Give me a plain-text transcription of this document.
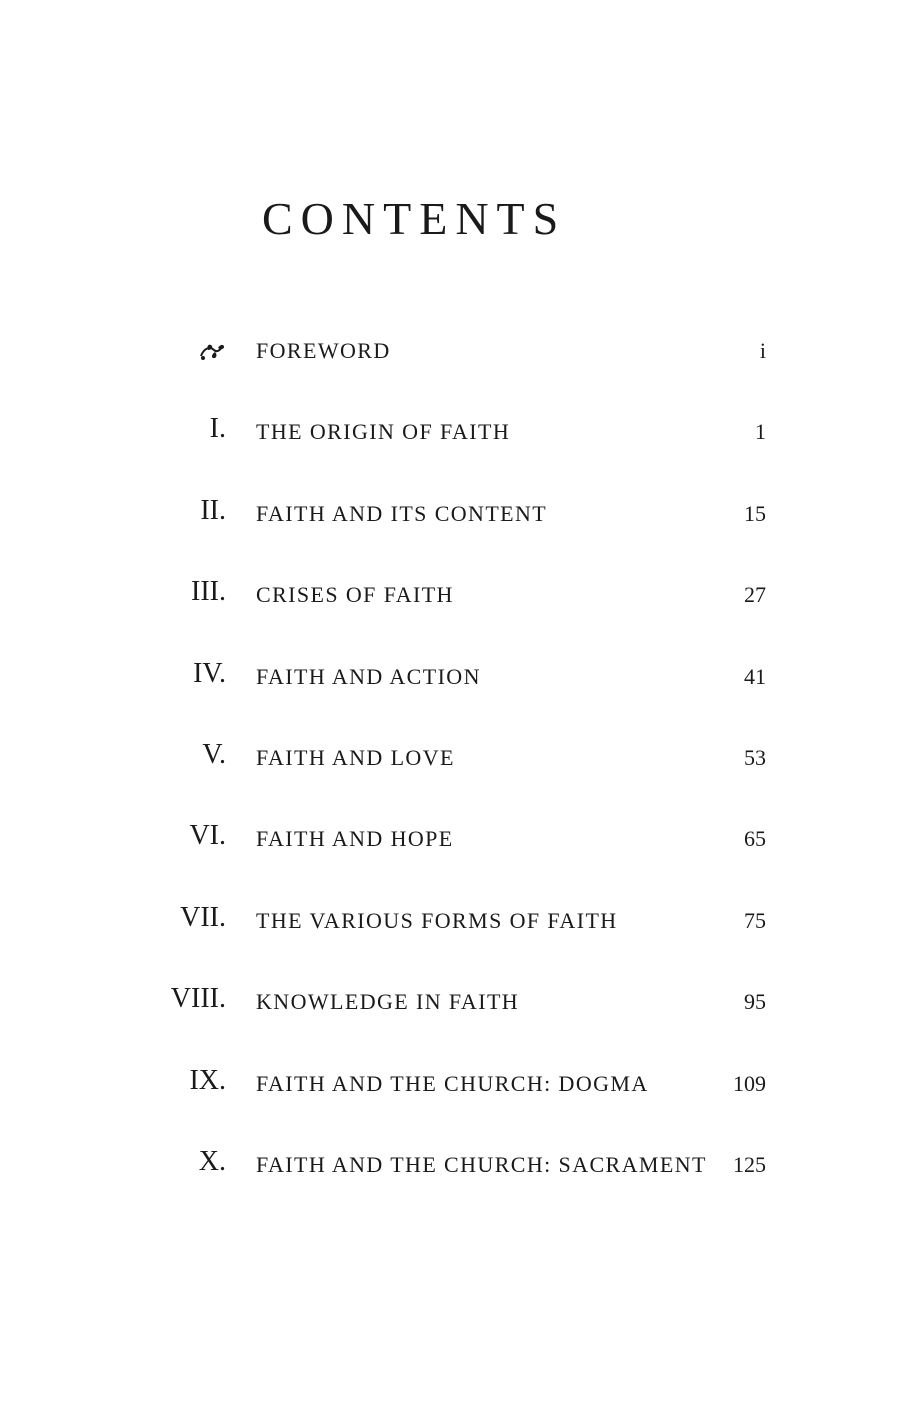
CONTENTS
FOREWORD	i
I. THE ORIGIN OF FAITH	1
II. FAITH AND ITS CONTENT	15
III. CRISES OF FAITH	27
IV. FAITH AND ACTION	41
V. FAITH AND LOVE	53
VI. FAITH AND HOPE	65
VII. THE VARIOUS FORMS OF FAITH	75
VIII. KNOWLEDGE IN FAITH	95
IX. FAITH AND THE CHURCH: DOGMA	109
X. FAITH AND THE CHURCH: SACRAMENT 125
